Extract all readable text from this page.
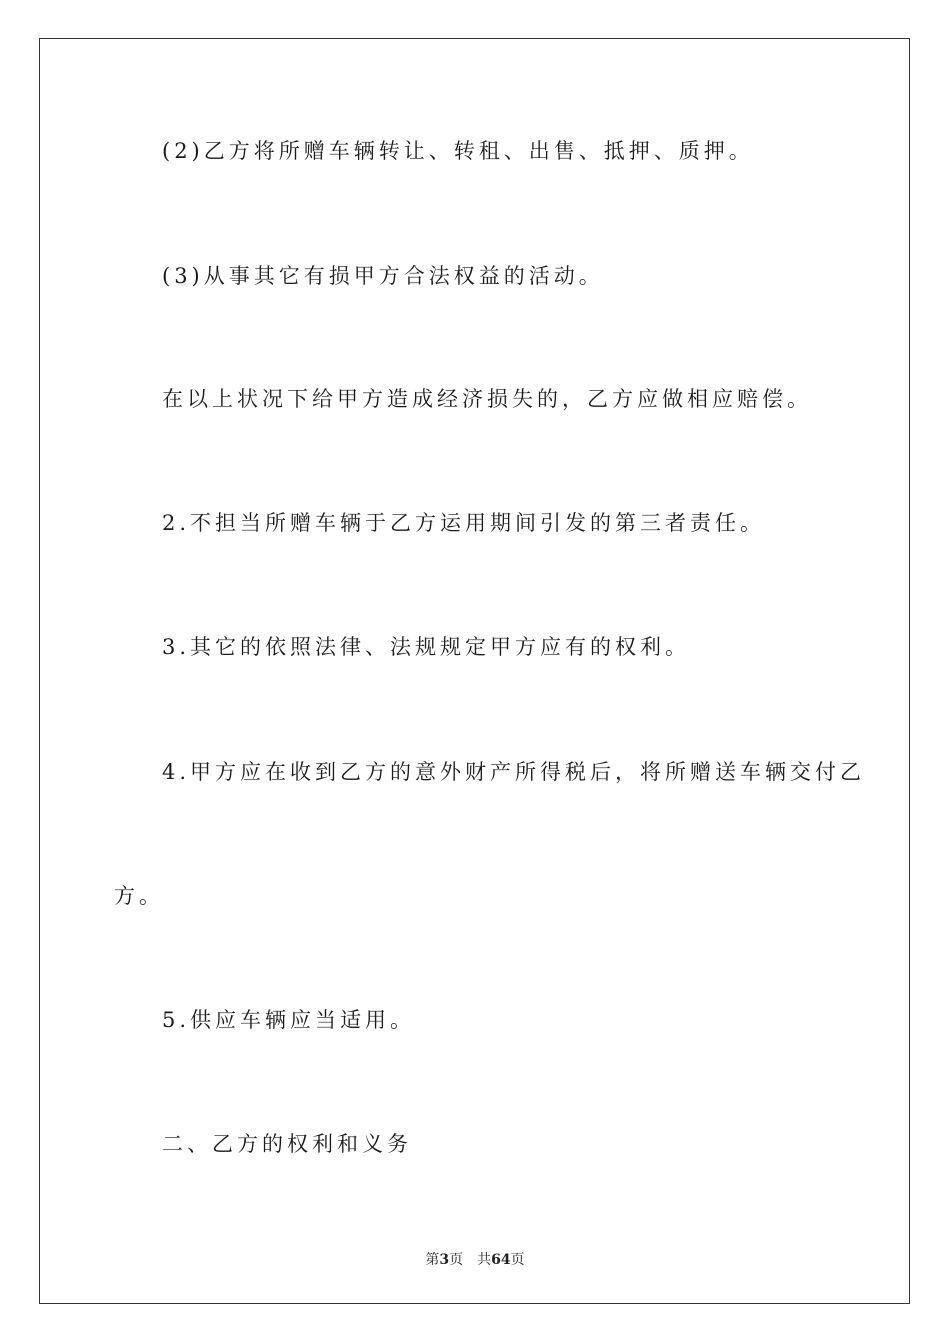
(2)乙方将所赠车辆转让、转租、出售、抵押、质押。
(3)从事其它有损甲方合法权益的活动。
在以上状况下给甲方造成经济损失的，乙方应做相应赔偿。
2.不担当所赠车辆于乙方运用期间引发的第三者责任。
3.其它的依照法律、法规规定甲方应有的权利。
4.甲方应在收到乙方的意外财产所得税后，将所赠送车辆交付乙
方。
5.供应车辆应当适用。
二、乙方的权利和义务
第3页 共64页
